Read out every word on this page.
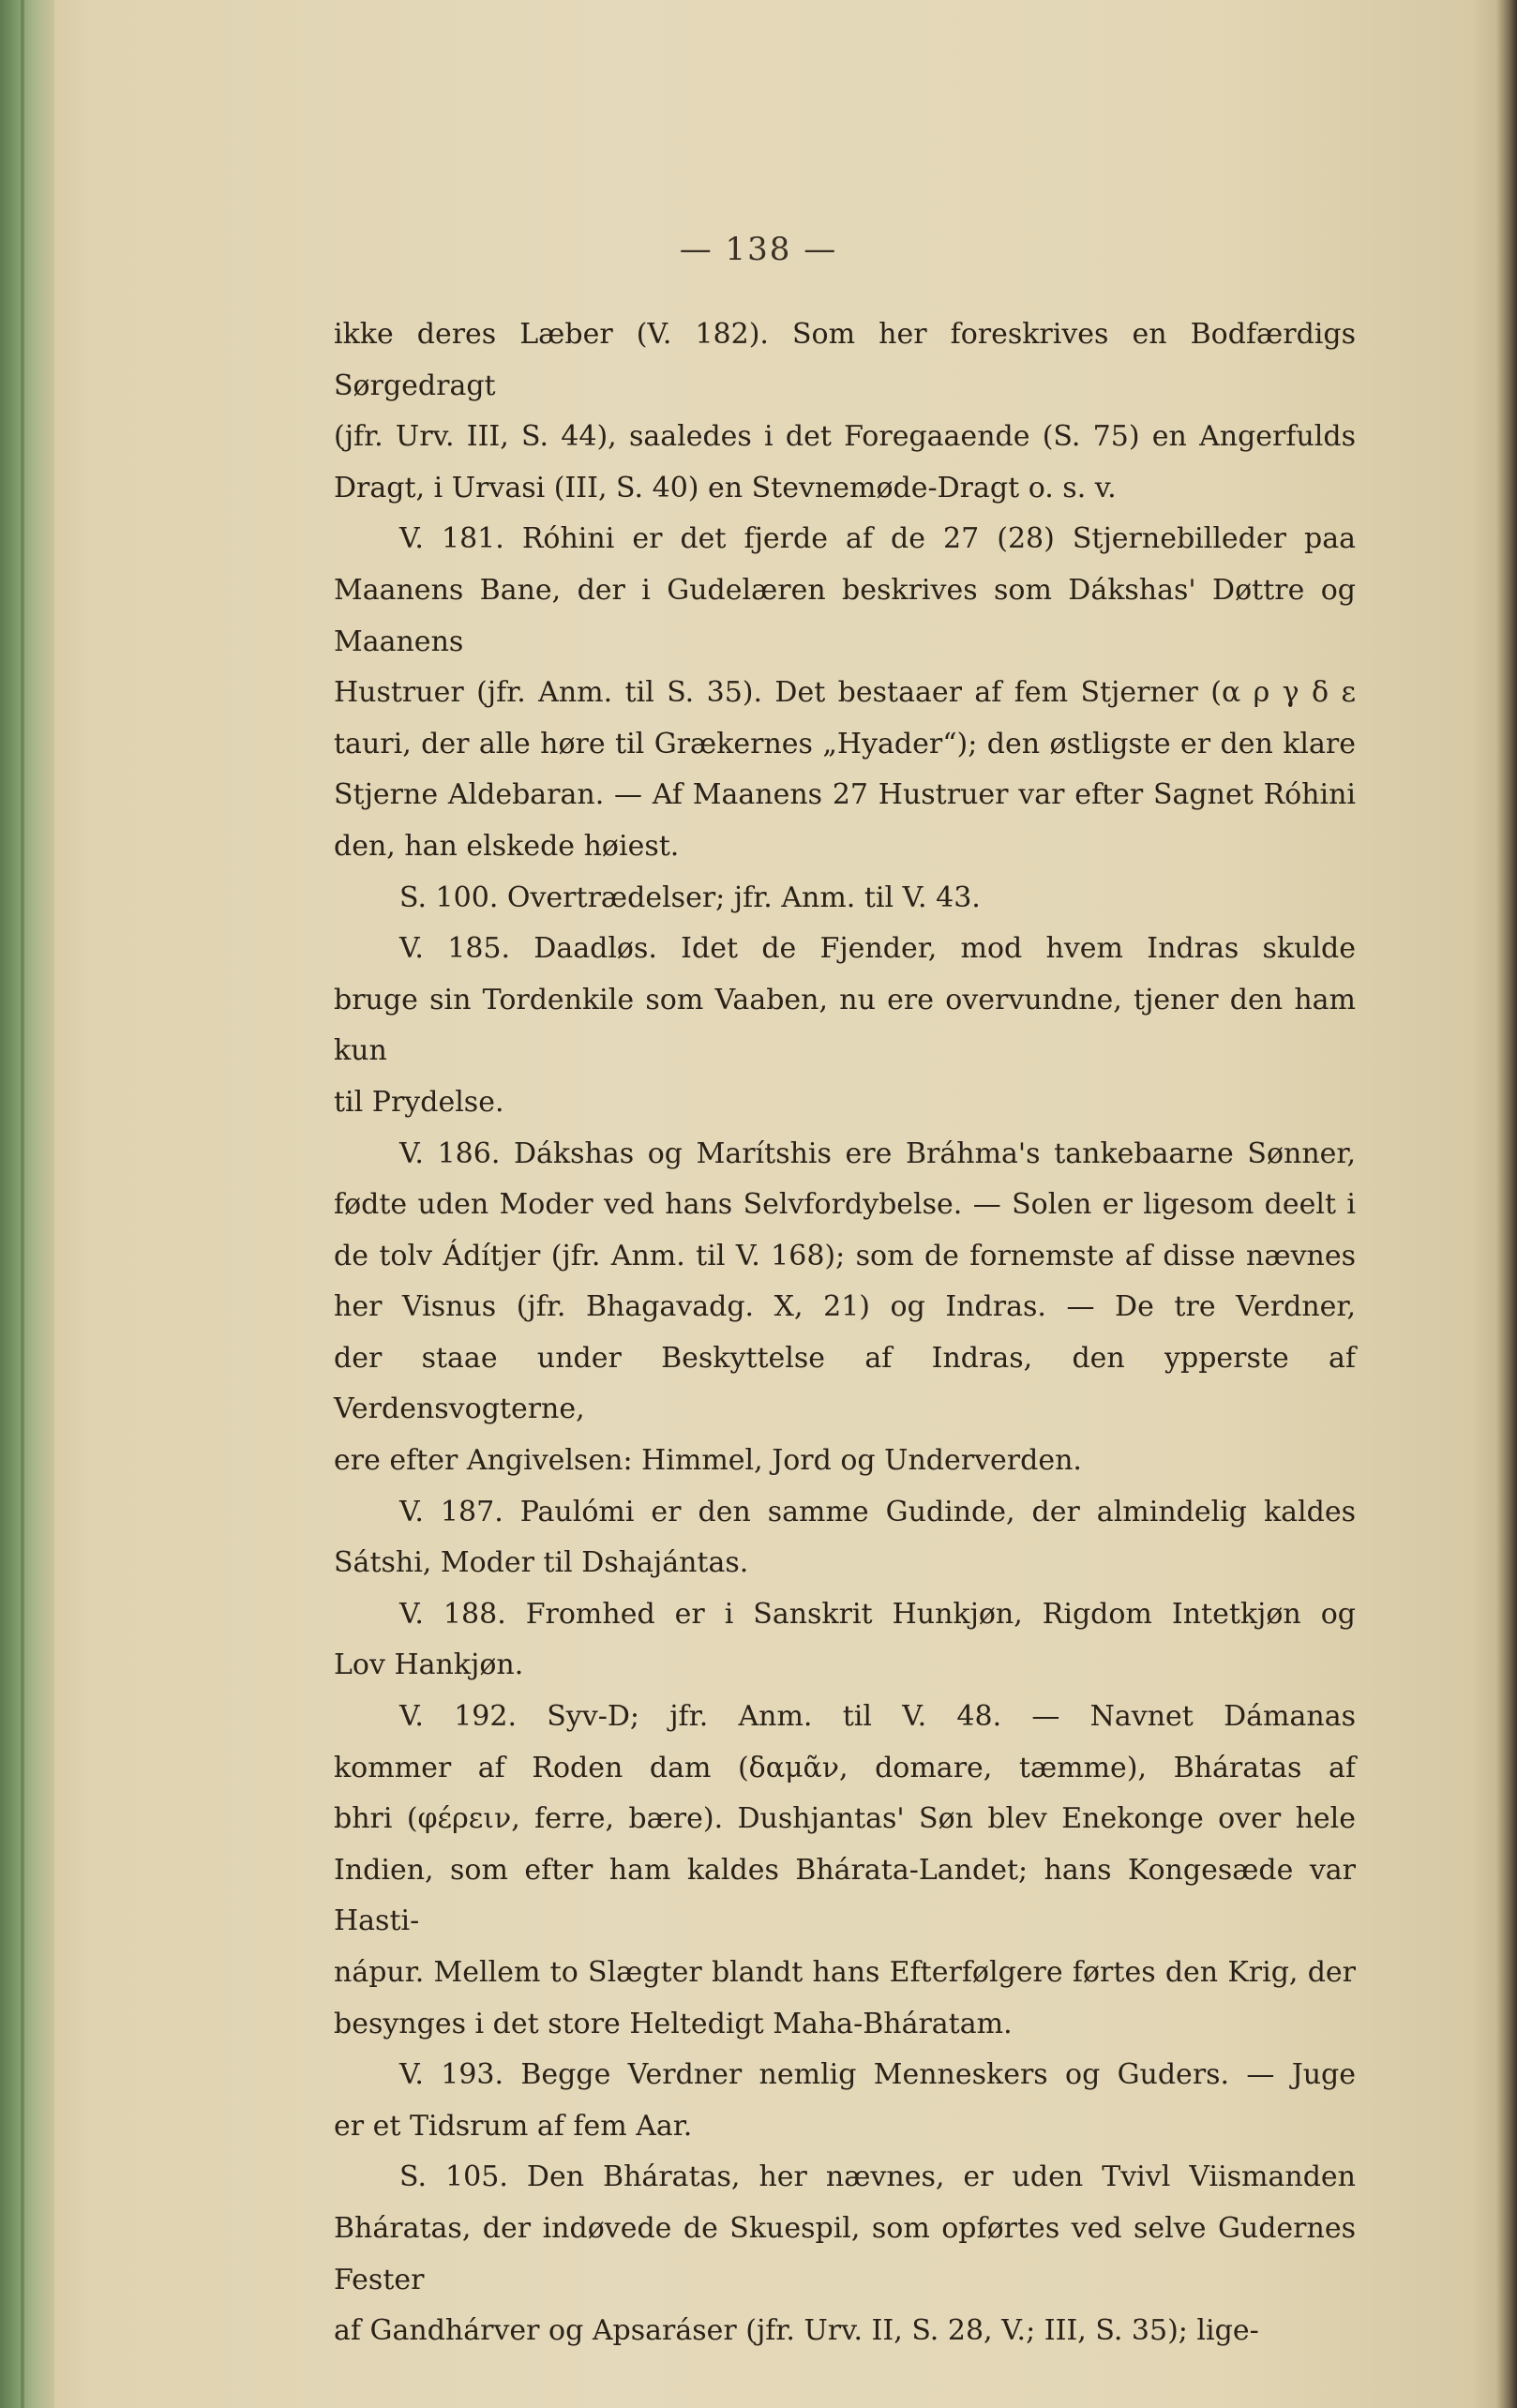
— 138 —
ikke deres Læber (V. 182). Som her foreskrives en Bodfærdigs Sørgedragt
(jfr. Urv. III, S. 44), saaledes i det Foregaaende (S. 75) en Angerfulds
Dragt, i Urvasi (III, S. 40) en Stevnemøde-Dragt o. s. v.
V. 181. Róhini er det fjerde af de 27 (28) Stjernebilleder paa
Maanens Bane, der i Gudelæren beskrives som Dákshas' Døttre og Maanens
Hustruer (jfr. Anm. til S. 35). Det bestaaer af fem Stjerner (α ρ γ δ ε
tauri, der alle høre til Grækernes „Hyader“); den østligste er den klare
Stjerne Aldebaran. — Af Maanens 27 Hustruer var efter Sagnet Róhini
den, han elskede høiest.
S. 100. Overtrædelser; jfr. Anm. til V. 43.
V. 185. Daadløs. Idet de Fjender, mod hvem Indras skulde
bruge sin Tordenkile som Vaaben, nu ere overvundne, tjener den ham kun
til Prydelse.
V. 186. Dákshas og Marítshis ere Bráhma's tankebaarne Sønner,
fødte uden Moder ved hans Selvfordybelse. — Solen er ligesom deelt i
de tolv Ádítjer (jfr. Anm. til V. 168); som de fornemste af disse nævnes
her Visnus (jfr. Bhagavadg. X, 21) og Indras. — De tre Verdner,
der staae under Beskyttelse af Indras, den ypperste af Verdensvogterne,
ere efter Angivelsen: Himmel, Jord og Underverden.
V. 187. Paulómi er den samme Gudinde, der almindelig kaldes
Sátshi, Moder til Dshajántas.
V. 188. Fromhed er i Sanskrit Hunkjøn, Rigdom Intetkjøn og
Lov Hankjøn.
V. 192. Syv-D; jfr. Anm. til V. 48. — Navnet Dámanas
kommer af Roden dam (δαμᾶν, domare, tæmme), Bháratas af
bhri (φέρειν, ferre, bære). Dushjantas' Søn blev Enekonge over hele
Indien, som efter ham kaldes Bhárata-Landet; hans Kongesæde var Hasti-
nápur. Mellem to Slægter blandt hans Efterfølgere førtes den Krig, der
besynges i det store Heltedigt Maha-Bháratam.
V. 193. Begge Verdner nemlig Menneskers og Guders. — Juge
er et Tidsrum af fem Aar.
S. 105. Den Bháratas, her nævnes, er uden Tvivl Viismanden
Bháratas, der indøvede de Skuespil, som opførtes ved selve Gudernes Fester
af Gandhárver og Apsaráser (jfr. Urv. II, S. 28, V.; III, S. 35); lige-
